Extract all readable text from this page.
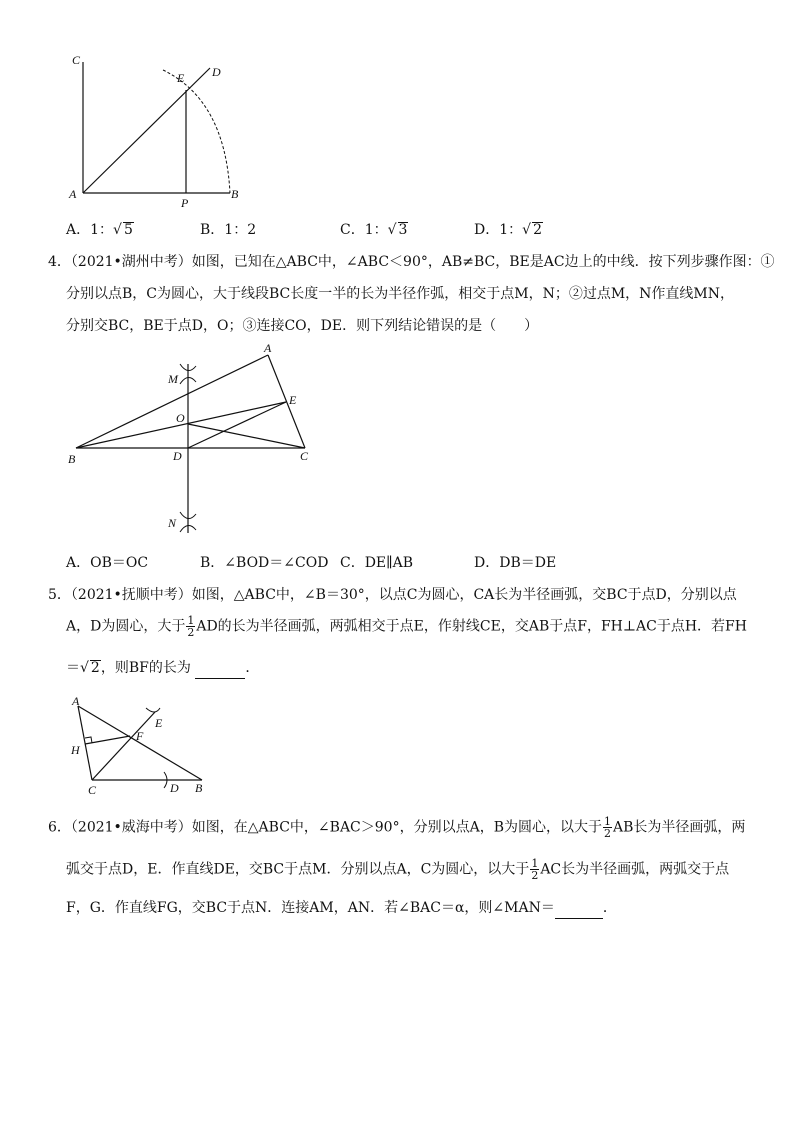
C
E D
A
P
B
A．1：√ 5	B．1：2	C．1：√ 3	D．1：√ 2
4．（2021•湖州中考）如图，已知在△ABC中，∠ABC＜90°，AB≠BC，BE是AC边上的中线．按下列步骤作图：①
分别以点B，C为圆心，大于线段BC长度一半的长为半径作弧，相交于点M，N；②过点M，N作直线MN，
分别交BC，BE于点D，O；③连接CO，DE．则下列结论错误的是（　　）
A
M
E
O
B	D	C
N
A．OB＝OC	B．∠BOD＝∠COD C．DE∥AB	D．DB＝DE
5．（2021•抚顺中考）如图，△ABC中，∠B＝30°，以点C为圆心，CA长为半径画弧，交BC于点D，分别以点
A，D为圆心，大于 $\frac{1}{2}$ AD的长为半径画弧，两弧相交于点E，作射线CE，交AB于点F，FH⊥AC于点H．若FH
＝√ 2，则BF的长为	．
A
E
F
H
C	D B
6．（2021•威海中考）如图，在△ABC中，∠BAC＞90°，分别以点A，B为圆心，以大于 $\frac{1}{2}$ AB长为半径画弧，两
弧交于点D，E．作直线DE，交BC于点M．分别以点A，C为圆心，以大于 $\frac{1}{2}$ AC长为半径画弧，两弧交于点
F，G．作直线FG，交BC于点N．连接AM，AN．若∠BAC＝α，则∠MAN＝	．
